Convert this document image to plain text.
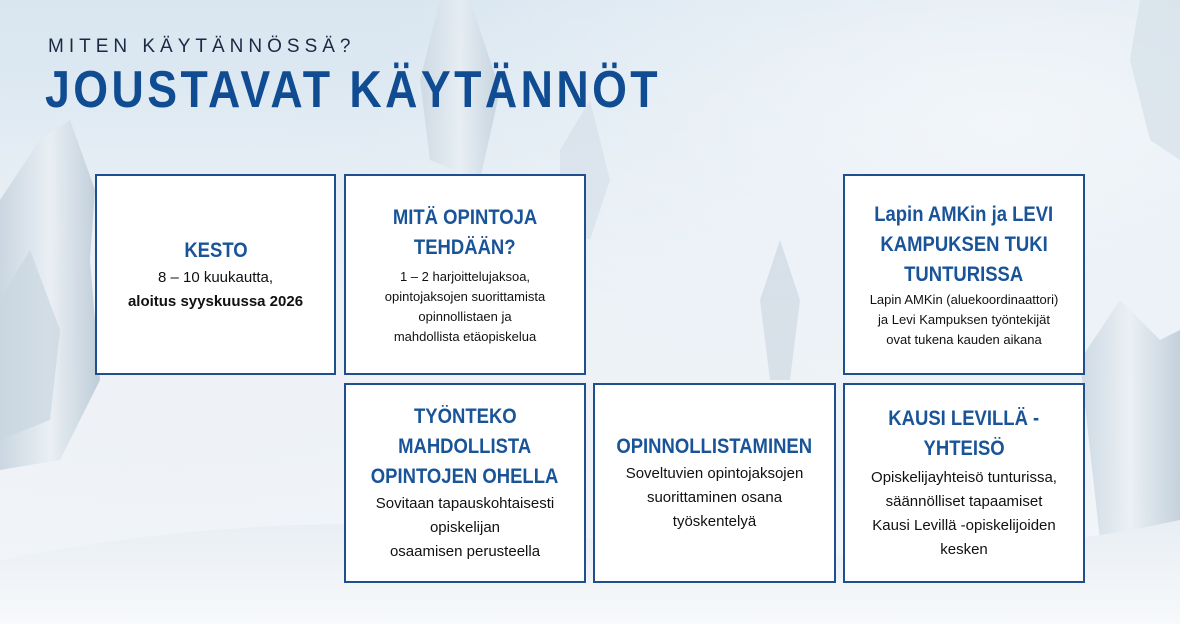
MITEN KÄYTÄNNÖSSÄ?
JOUSTAVAT KÄYTÄNNÖT
KESTO
8 – 10 kuukautta,
aloitus syyskuussa 2026
MITÄ OPINTOJA
TEHDÄÄN?
1 – 2 harjoittelujaksoa,
opintojaksojen suorittamista
opinnollistaen ja
mahdollista etäopiskelua
Lapin AMKin ja LEVI
KAMPUKSEN TUKI
TUNTURISSA
Lapin AMKin (aluekoordinaattori)
ja Levi Kampuksen työntekijät
ovat tukena kauden aikana
TYÖNTEKO
MAHDOLLISTA
OPINTOJEN OHELLA
Sovitaan tapauskohtaisesti
opiskelijan
osaamisen perusteella
OPINNOLLISTAMINEN
Soveltuvien opintojaksojen
suorittaminen osana
työskentelyä
KAUSI LEVILLÄ -
YHTEISÖ
Opiskelijayhteisö tunturissa,
säännölliset tapaamiset
Kausi Levillä -opiskelijoiden
kesken
